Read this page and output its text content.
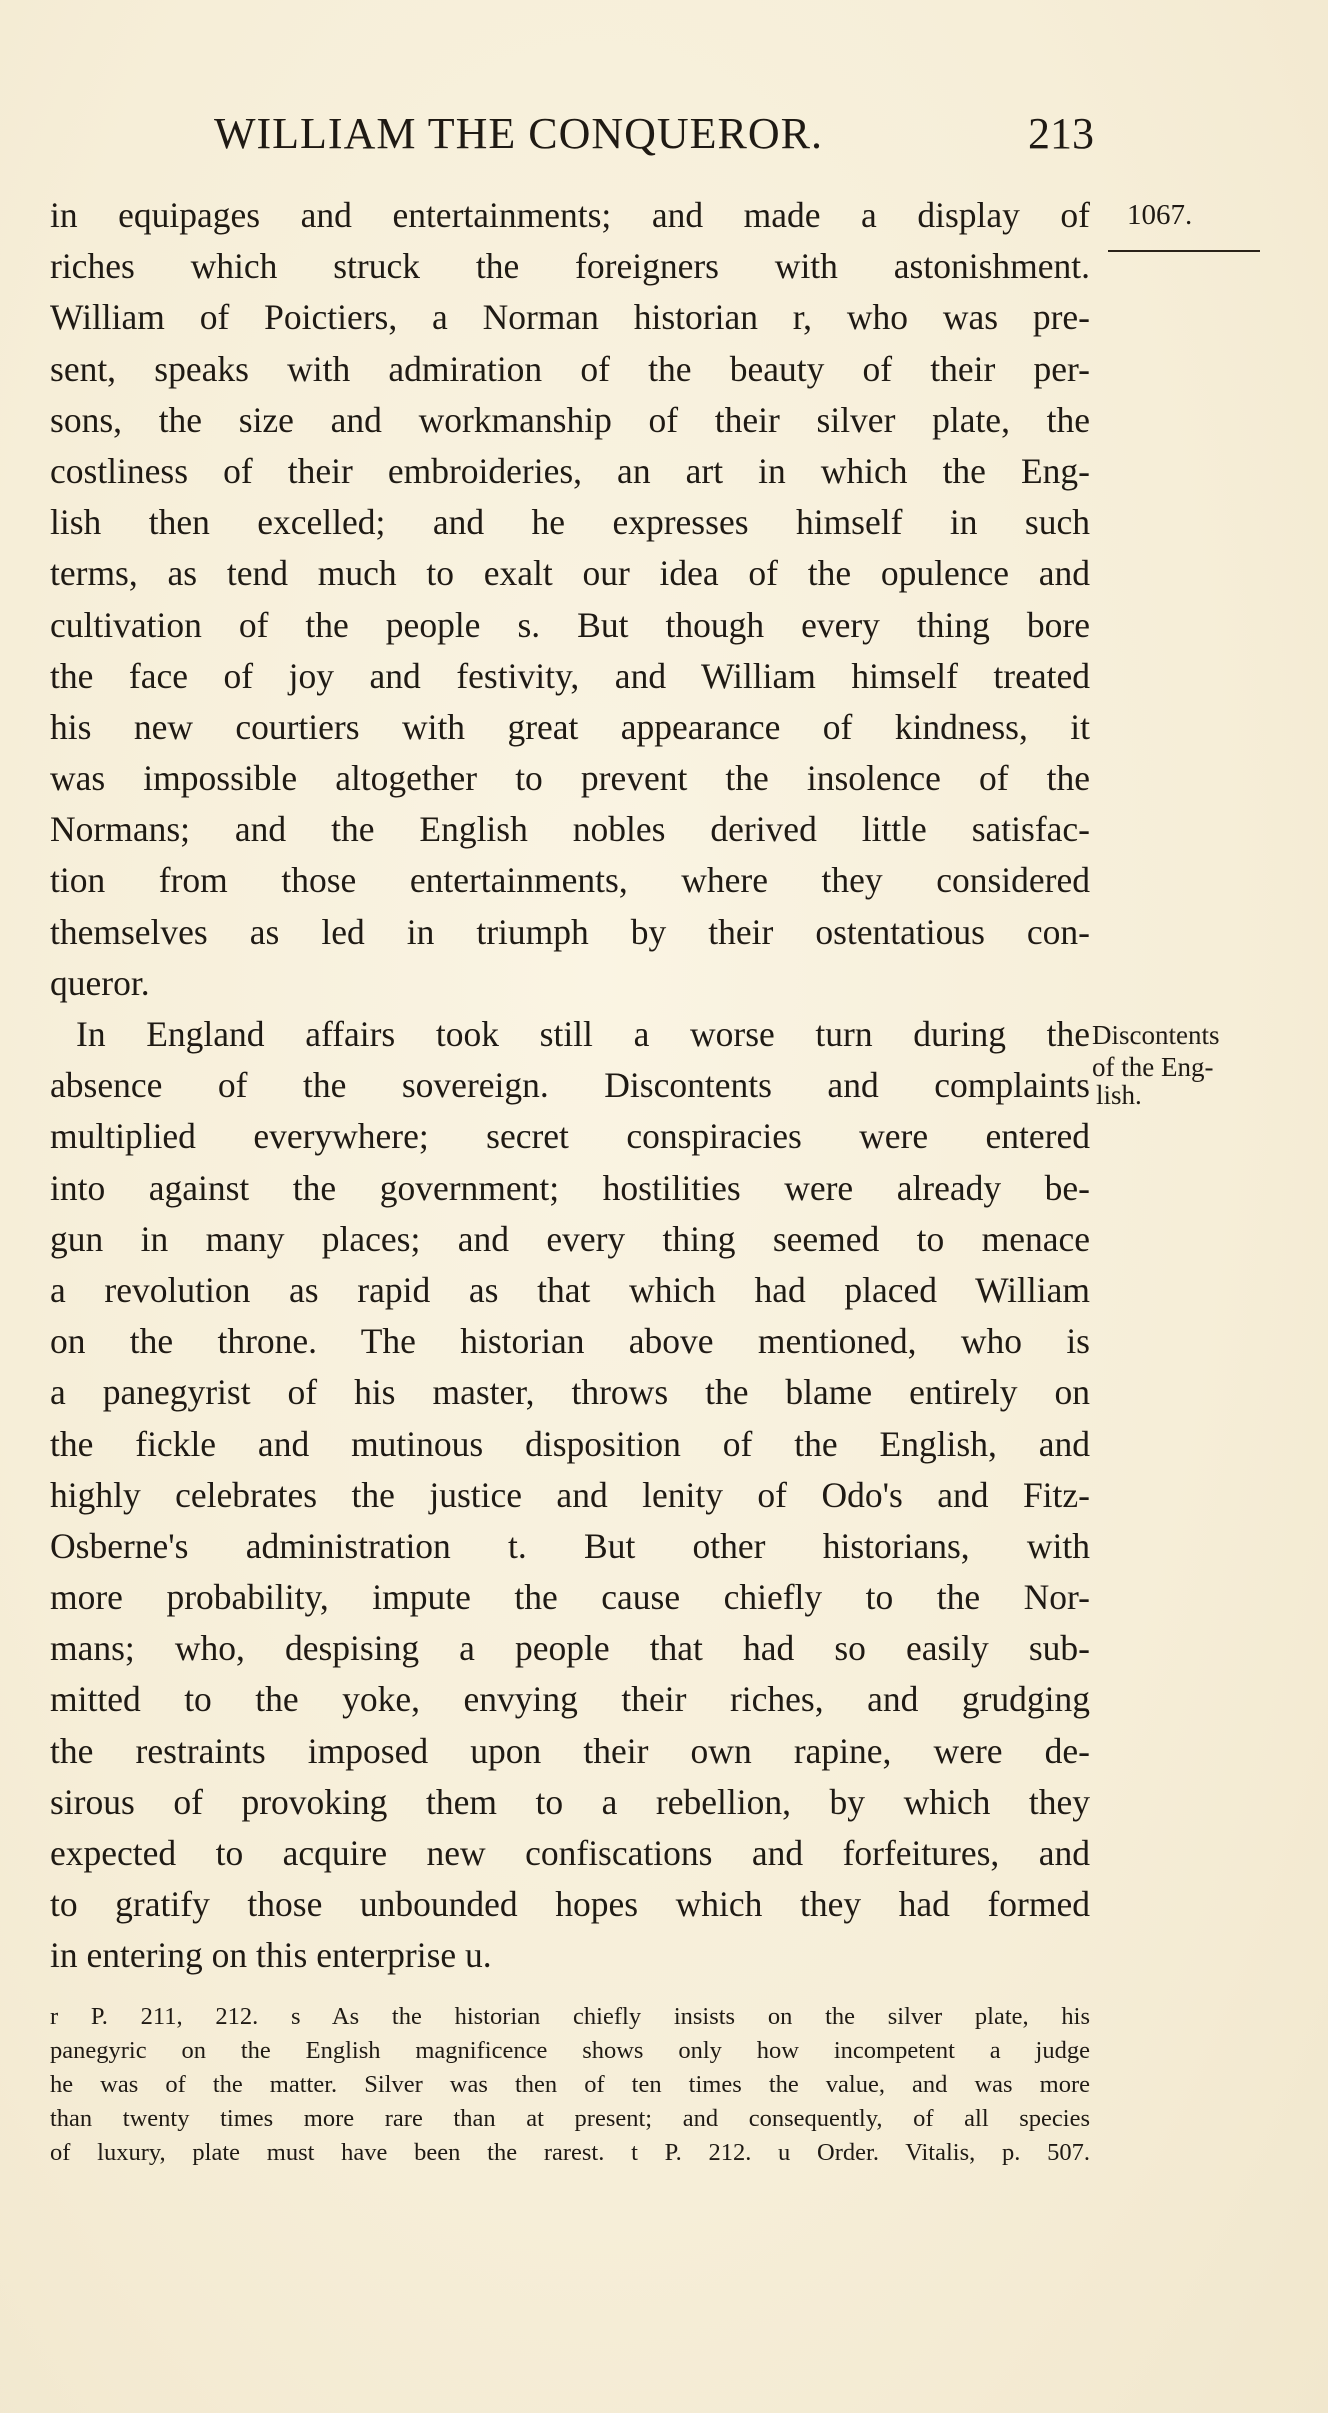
WILLIAM THE CONQUEROR.	213
1067.
Discontents
of the Eng-
lish.
in equipages and entertainments; and made a display of
riches which struck the foreigners with astonishment.
William of Poictiers, a Norman historian r, who was pre-
sent, speaks with admiration of the beauty of their per-
sons, the size and workmanship of their silver plate, the
costliness of their embroideries, an art in which the Eng-
lish then excelled; and he expresses himself in such
terms, as tend much to exalt our idea of the opulence and
cultivation of the people s. But though every thing bore
the face of joy and festivity, and William himself treated
his new courtiers with great appearance of kindness, it
was impossible altogether to prevent the insolence of the
Normans; and the English nobles derived little satisfac-
tion from those entertainments, where they considered
themselves as led in triumph by their ostentatious con-
queror.
In England affairs took still a worse turn during the
absence of the sovereign. Discontents and complaints
multiplied everywhere; secret conspiracies were entered
into against the government; hostilities were already be-
gun in many places; and every thing seemed to menace
a revolution as rapid as that which had placed William
on the throne. The historian above mentioned, who is
a panegyrist of his master, throws the blame entirely on
the fickle and mutinous disposition of the English, and
highly celebrates the justice and lenity of Odo's and Fitz-
Osberne's administration t. But other historians, with
more probability, impute the cause chiefly to the Nor-
mans; who, despising a people that had so easily sub-
mitted to the yoke, envying their riches, and grudging
the restraints imposed upon their own rapine, were de-
sirous of provoking them to a rebellion, by which they
expected to acquire new confiscations and forfeitures, and
to gratify those unbounded hopes which they had formed
in entering on this enterprise u.
r P. 211, 212. s As the historian chiefly insists on the silver plate, his
panegyric on the English magnificence shows only how incompetent a judge
he was of the matter. Silver was then of ten times the value, and was more
than twenty times more rare than at present; and consequently, of all species
of luxury, plate must have been the rarest. t P. 212. u Order. Vitalis, p. 507.
